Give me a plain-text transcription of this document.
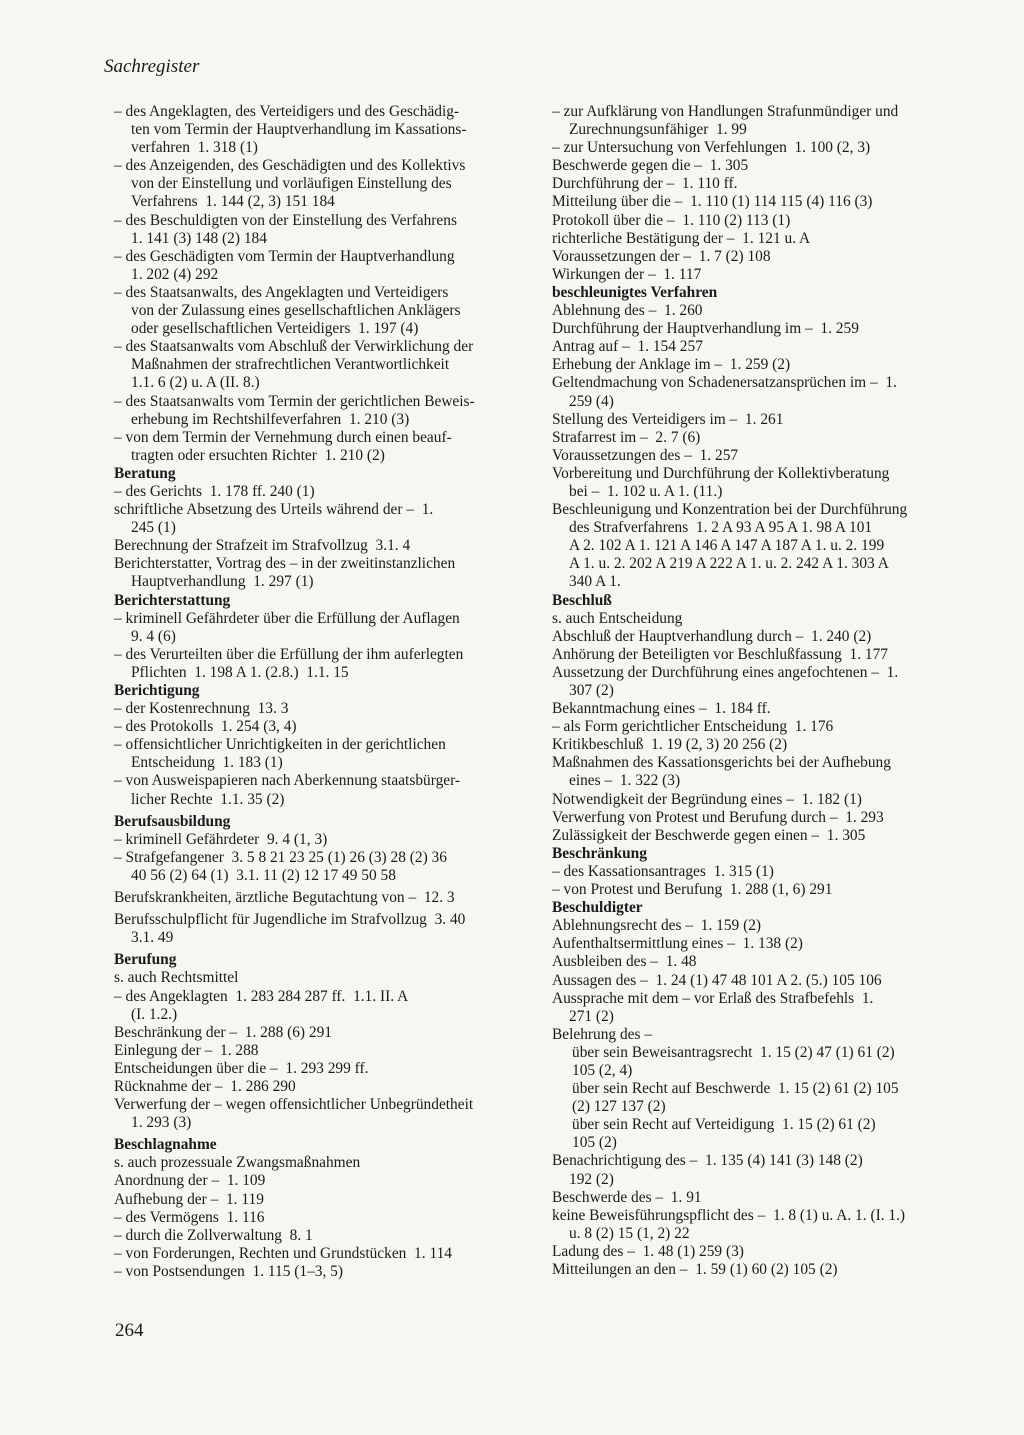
Sachregister
– des Angeklagten, des Verteidigers und des Geschädig-
ten vom Termin der Hauptverhandlung im Kassations-
verfahren  1. 318 (1)
– des Anzeigenden, des Geschädigten und des Kollektivs
von der Einstellung und vorläufigen Einstellung des
Verfahrens  1. 144 (2, 3) 151 184
– des Beschuldigten von der Einstellung des Verfahrens
1. 141 (3) 148 (2) 184
– des Geschädigten vom Termin der Hauptverhandlung
1. 202 (4) 292
– des Staatsanwalts, des Angeklagten und Verteidigers
von der Zulassung eines gesellschaftlichen Anklägers
oder gesellschaftlichen Verteidigers  1. 197 (4)
– des Staatsanwalts vom Abschluß der Verwirklichung der
Maßnahmen der strafrechtlichen Verantwortlichkeit
1.1. 6 (2) u. A (II. 8.)
– des Staatsanwalts vom Termin der gerichtlichen Beweis-
erhebung im Rechtshilfeverfahren  1. 210 (3)
– von dem Termin der Vernehmung durch einen beauf-
tragten oder ersuchten Richter  1. 210 (2)
Beratung
– des Gerichts  1. 178 ff. 240 (1)
schriftliche Absetzung des Urteils während der –  1.
245 (1)
Berechnung der Strafzeit im Strafvollzug  3.1. 4
Berichterstatter, Vortrag des – in der zweitinstanzlichen
Hauptverhandlung  1. 297 (1)
Berichterstattung
– kriminell Gefährdeter über die Erfüllung der Auflagen
9. 4 (6)
– des Verurteilten über die Erfüllung der ihm auferlegten
Pflichten  1. 198 A 1. (2.8.)  1.1. 15
Berichtigung
– der Kostenrechnung  13. 3
– des Protokolls  1. 254 (3, 4)
– offensichtlicher Unrichtigkeiten in der gerichtlichen
Entscheidung  1. 183 (1)
– von Ausweispapieren nach Aberkennung staatsbürger-
licher Rechte  1.1. 35 (2)
Berufsausbildung
– kriminell Gefährdeter  9. 4 (1, 3)
– Strafgefangener  3. 5 8 21 23 25 (1) 26 (3) 28 (2) 36
40 56 (2) 64 (1)  3.1. 11 (2) 12 17 49 50 58
Berufskrankheiten, ärztliche Begutachtung von –  12. 3
Berufsschulpflicht für Jugendliche im Strafvollzug  3. 40
3.1. 49
Berufung
s. auch Rechtsmittel
– des Angeklagten  1. 283 284 287 ff.  1.1. II. A
(I. 1.2.)
Beschränkung der –  1. 288 (6) 291
Einlegung der –  1. 288
Entscheidungen über die –  1. 293 299 ff.
Rücknahme der –  1. 286 290
Verwerfung der – wegen offensichtlicher Unbegründetheit
1. 293 (3)
Beschlagnahme
s. auch prozessuale Zwangsmaßnahmen
Anordnung der –  1. 109
Aufhebung der –  1. 119
– des Vermögens  1. 116
– durch die Zollverwaltung  8. 1
– von Forderungen, Rechten und Grundstücken  1. 114
– von Postsendungen  1. 115 (1–3, 5)
– zur Aufklärung von Handlungen Strafunmündiger und
Zurechnungsunfähiger  1. 99
– zur Untersuchung von Verfehlungen  1. 100 (2, 3)
Beschwerde gegen die –  1. 305
Durchführung der –  1. 110 ff.
Mitteilung über die –  1. 110 (1) 114 115 (4) 116 (3)
Protokoll über die –  1. 110 (2) 113 (1)
richterliche Bestätigung der –  1. 121 u. A
Voraussetzungen der –  1. 7 (2) 108
Wirkungen der –  1. 117
beschleunigtes Verfahren
Ablehnung des –  1. 260
Durchführung der Hauptverhandlung im –  1. 259
Antrag auf –  1. 154 257
Erhebung der Anklage im –  1. 259 (2)
Geltendmachung von Schadenersatzansprüchen im –  1.
259 (4)
Stellung des Verteidigers im –  1. 261
Strafarrest im –  2. 7 (6)
Voraussetzungen des –  1. 257
Vorbereitung und Durchführung der Kollektivberatung
bei –  1. 102 u. A 1. (11.)
Beschleunigung und Konzentration bei der Durchführung
des Strafverfahrens  1. 2 A 93 A 95 A 1. 98 A 101
A 2. 102 A 1. 121 A 146 A 147 A 187 A 1. u. 2. 199
A 1. u. 2. 202 A 219 A 222 A 1. u. 2. 242 A 1. 303 A
340 A 1.
Beschluß
s. auch Entscheidung
Abschluß der Hauptverhandlung durch –  1. 240 (2)
Anhörung der Beteiligten vor Beschlußfassung  1. 177
Aussetzung der Durchführung eines angefochtenen –  1.
307 (2)
Bekanntmachung eines –  1. 184 ff.
– als Form gerichtlicher Entscheidung  1. 176
Kritikbeschluß  1. 19 (2, 3) 20 256 (2)
Maßnahmen des Kassationsgerichts bei der Aufhebung
eines –  1. 322 (3)
Notwendigkeit der Begründung eines –  1. 182 (1)
Verwerfung von Protest und Berufung durch –  1. 293
Zulässigkeit der Beschwerde gegen einen –  1. 305
Beschränkung
– des Kassationsantrages  1. 315 (1)
– von Protest und Berufung  1. 288 (1, 6) 291
Beschuldigter
Ablehnungsrecht des –  1. 159 (2)
Aufenthaltsermittlung eines –  1. 138 (2)
Ausbleiben des –  1. 48
Aussagen des –  1. 24 (1) 47 48 101 A 2. (5.) 105 106
Aussprache mit dem – vor Erlaß des Strafbefehls  1.
271 (2)
Belehrung des –
über sein Beweisantragsrecht  1. 15 (2) 47 (1) 61 (2)
105 (2, 4)
über sein Recht auf Beschwerde  1. 15 (2) 61 (2) 105
(2) 127 137 (2)
über sein Recht auf Verteidigung  1. 15 (2) 61 (2)
105 (2)
Benachrichtigung des –  1. 135 (4) 141 (3) 148 (2)
192 (2)
Beschwerde des –  1. 91
keine Beweisführungspflicht des –  1. 8 (1) u. A. 1. (I. 1.)
u. 8 (2) 15 (1, 2) 22
Ladung des –  1. 48 (1) 259 (3)
Mitteilungen an den –  1. 59 (1) 60 (2) 105 (2)
264
